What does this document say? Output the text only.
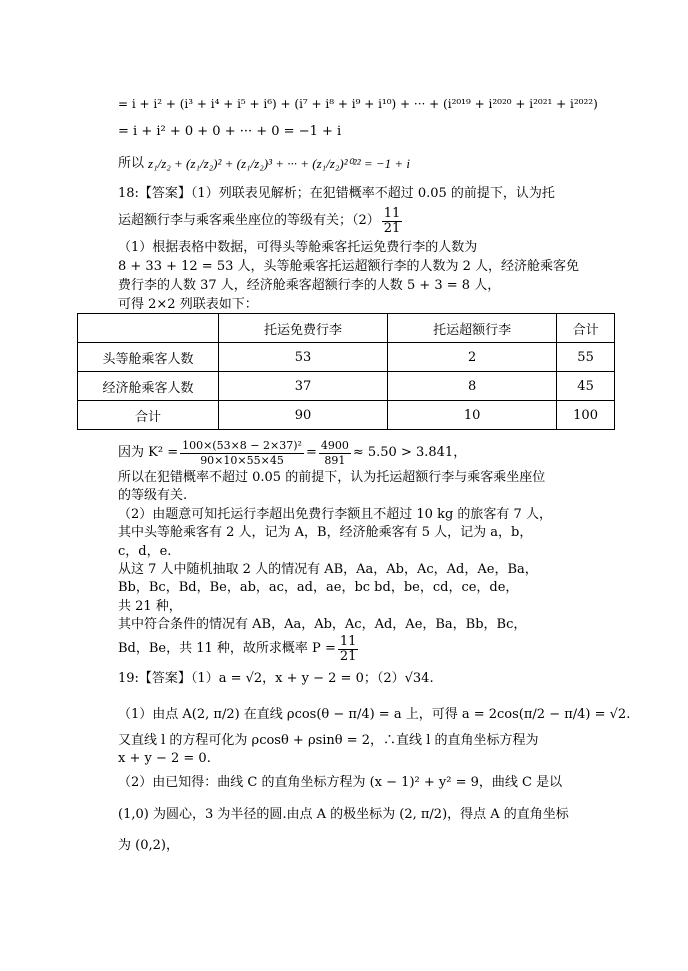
= i + i² + (i³ + i⁴ + i⁵ + i⁶) + (i⁷ + i⁸ + i⁹ + i¹⁰) + ··· + (i²⁰¹⁹ + i²⁰²⁰ + i²⁰²¹ + i²⁰²²)
= i + i² + 0 + 0 + ··· + 0 = −1 + i
所以 z₁/z₂ + (z₁/z₂)² + (z₁/z₂)³ + ··· + (z₁/z₂)²⁰²² = −1 + i
18:【答案】（1）列联表见解析；在犯错概率不超过 0.05 的前提下，认为托
运超额行李与乘客乘坐座位的等级有关；$(2) \frac{11}{21}$
（1）根据表格中数据，可得头等舱乘客托运免费行李的人数为
8 + 33 + 12 = 53 人，头等舱乘客托运超额行李的人数为 2 人，经济舱乘客免
费行李的人数 37 人，经济舱乘客超额行李的人数 5 + 3 = 8 人，
可得 2×2 列联表如下：
	托运免费行李	托运超额行李	合计
头等舱乘客人数	53	2	55
经济舱乘客人数	37	8	45
合计	90	10	100
因为 $K^2 = \frac{\text{100×(53×8 − 2×37)²}}{90\times 10\times 55\times 45} = \frac{4900}{891} \approx 5.50 > 3.841$，
所以在犯错概率不超过 0.05 的前提下，认为托运超额行李与乘客乘坐座位
的等级有关.
（2）由题意可知托运行李超出免费行李额且不超过 10 kg 的旅客有 7 人，
其中头等舱乘客有 2 人，记为 A，B，经济舱乘客有 5 人，记为 a，b，
c，d，e.
从这 7 人中随机抽取 2 人的情况有 AB，Aa，Ab，Ac，Ad，Ae，Ba，
Bb，Bc，Bd，Be，ab，ac，ad，ae，bc bd，be，cd，ce，de，
共 21 种，
其中符合条件的情况有 AB，Aa，Ab，Ac，Ad，Ae，Ba，Bb，Bc，
Bd，Be，共 11 种，故所求概率 $P = \frac{11}{21}$
19:【答案】（1）a = √2，x + y − 2 = 0；（2）√34.
（1）由点 A(2, π/2) 在直线 ρcos(θ − π/4) = a 上，可得 a = 2cos(π/2 − π/4) = √2.
又直线 l 的方程可化为 ρcosθ + ρsinθ = 2，∴直线 l 的直角坐标方程为
x + y − 2 = 0.
（2）由已知得：曲线 C 的直角坐标方程为 (x − 1)² + y² = 9，曲线 C 是以
(1,0) 为圆心，3 为半径的圆.由点 A 的极坐标为 (2, π/2)，得点 A 的直角坐标
为 (0,2)，
